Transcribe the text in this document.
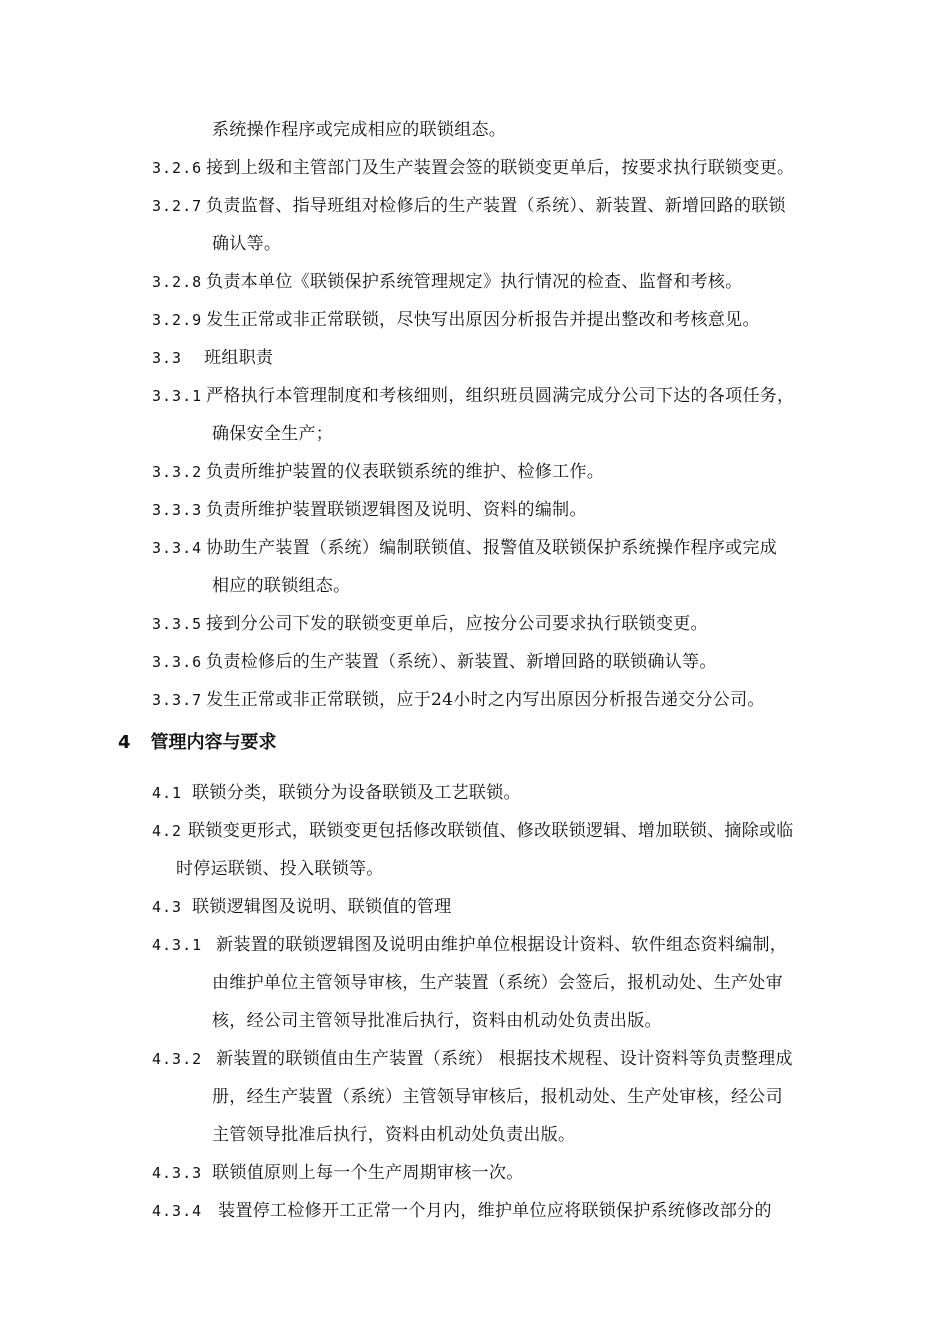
系统操作程序或完成相应的联锁组态。
3.2.6 接到上级和主管部门及生产装置会签的联锁变更单后，按要求执行联锁变更。
3.2.7 负责监督、指导班组对检修后的生产装置（系统）、新装置、新增回路的联锁
确认等。
3.2.8 负责本单位《联锁保护系统管理规定》执行情况的检查、监督和考核。
3.2.9 发生正常或非正常联锁，尽快写出原因分析报告并提出整改和考核意见。
3.3 班组职责
3.3.1 严格执行本管理制度和考核细则，组织班员圆满完成分公司下达的各项任务，
确保安全生产；
3.3.2 负责所维护装置的仪表联锁系统的维护、检修工作。
3.3.3 负责所维护装置联锁逻辑图及说明、资料的编制。
3.3.4 协助生产装置（系统）编制联锁值、报警值及联锁保护系统操作程序或完成
相应的联锁组态。
3.3.5 接到分公司下发的联锁变更单后，应按分公司要求执行联锁变更。
3.3.6 负责检修后的生产装置（系统）、新装置、新增回路的联锁确认等。
3.3.7 发生正常或非正常联锁，应于24小时之内写出原因分析报告递交分公司。
4 管理内容与要求
4.1 联锁分类，联锁分为设备联锁及工艺联锁。
4.2 联锁变更形式，联锁变更包括修改联锁值、修改联锁逻辑、增加联锁、摘除或临
时停运联锁、投入联锁等。
4.3 联锁逻辑图及说明、联锁值的管理
4.3.1 新装置的联锁逻辑图及说明由维护单位根据设计资料、软件组态资料编制，
由维护单位主管领导审核，生产装置（系统）会签后，报机动处、生产处审
核，经公司主管领导批准后执行，资料由机动处负责出版。
4.3.2 新装置的联锁值由生产装置（系统） 根据技术规程、设计资料等负责整理成
册，经生产装置（系统）主管领导审核后，报机动处、生产处审核，经公司
主管领导批准后执行，资料由机动处负责出版。
4.3.3 联锁值原则上每一个生产周期审核一次。
4.3.4 装置停工检修开工正常一个月内，维护单位应将联锁保护系统修改部分的
